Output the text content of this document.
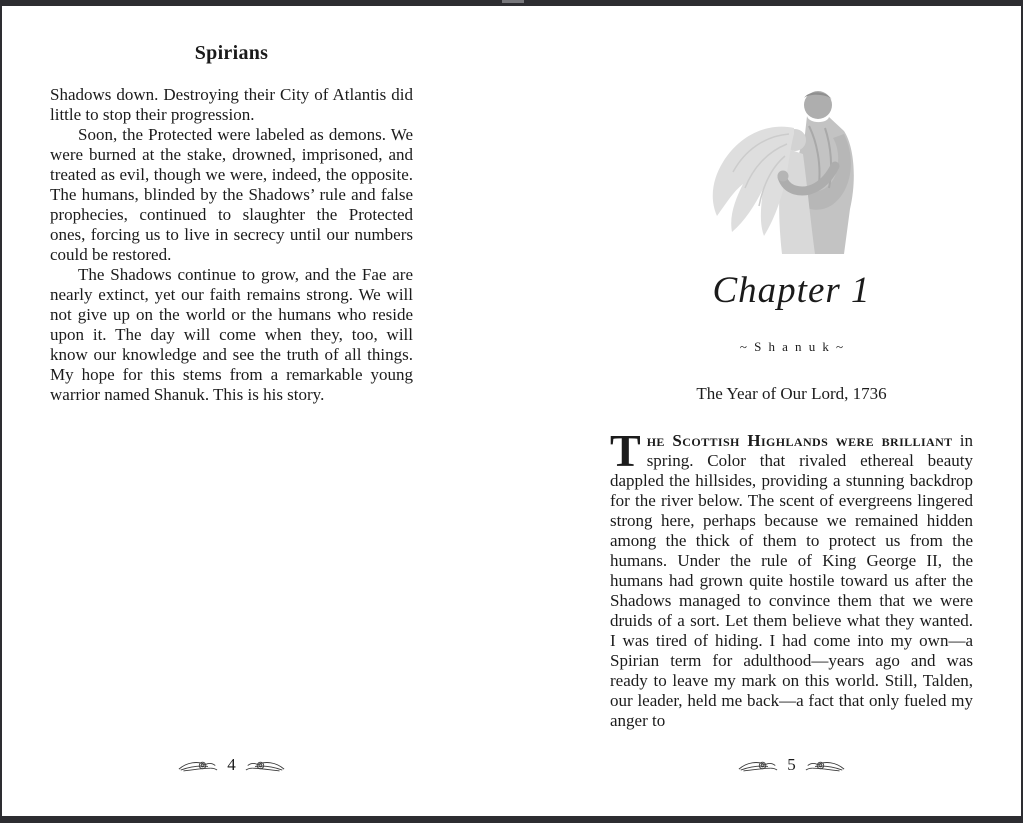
Spirians

Shadows down. Destroying their City of Atlantis did little to stop their progression.

Soon, the Protected were labeled as demons. We were burned at the stake, drowned, imprisoned, and treated as evil, though we were, indeed, the opposite. The humans, blinded by the Shadows’ rule and false prophecies, continued to slaughter the Protected ones, forcing us to live in secrecy until our numbers could be restored.

The Shadows continue to grow, and the Fae are nearly extinct, yet our faith remains strong. We will not give up on the world or the humans who reside upon it. The day will come when they, too, will know our knowledge and see the truth of all things. My hope for this stems from a remarkable young warrior named Shanuk. This is his story.

Chapter 1
~Shanuk~
The Year of Our Lord, 1736

The Scottish Highlands were brilliant in spring. Color that rivaled ethereal beauty dappled the hillsides, providing a stunning backdrop for the river below. The scent of evergreens lingered strong here, perhaps because we remained hidden among the thick of them to protect us from the humans. Under the rule of King George II, the humans had grown quite hostile toward us after the Shadows managed to convince them that we were druids of a sort. Let them believe what they wanted. I was tired of hiding. I had come into my own—a Spirian term for adulthood—years ago and was ready to leave my mark on this world. Still, Talden, our leader, held me back—a fact that only fueled my anger to

4	5
